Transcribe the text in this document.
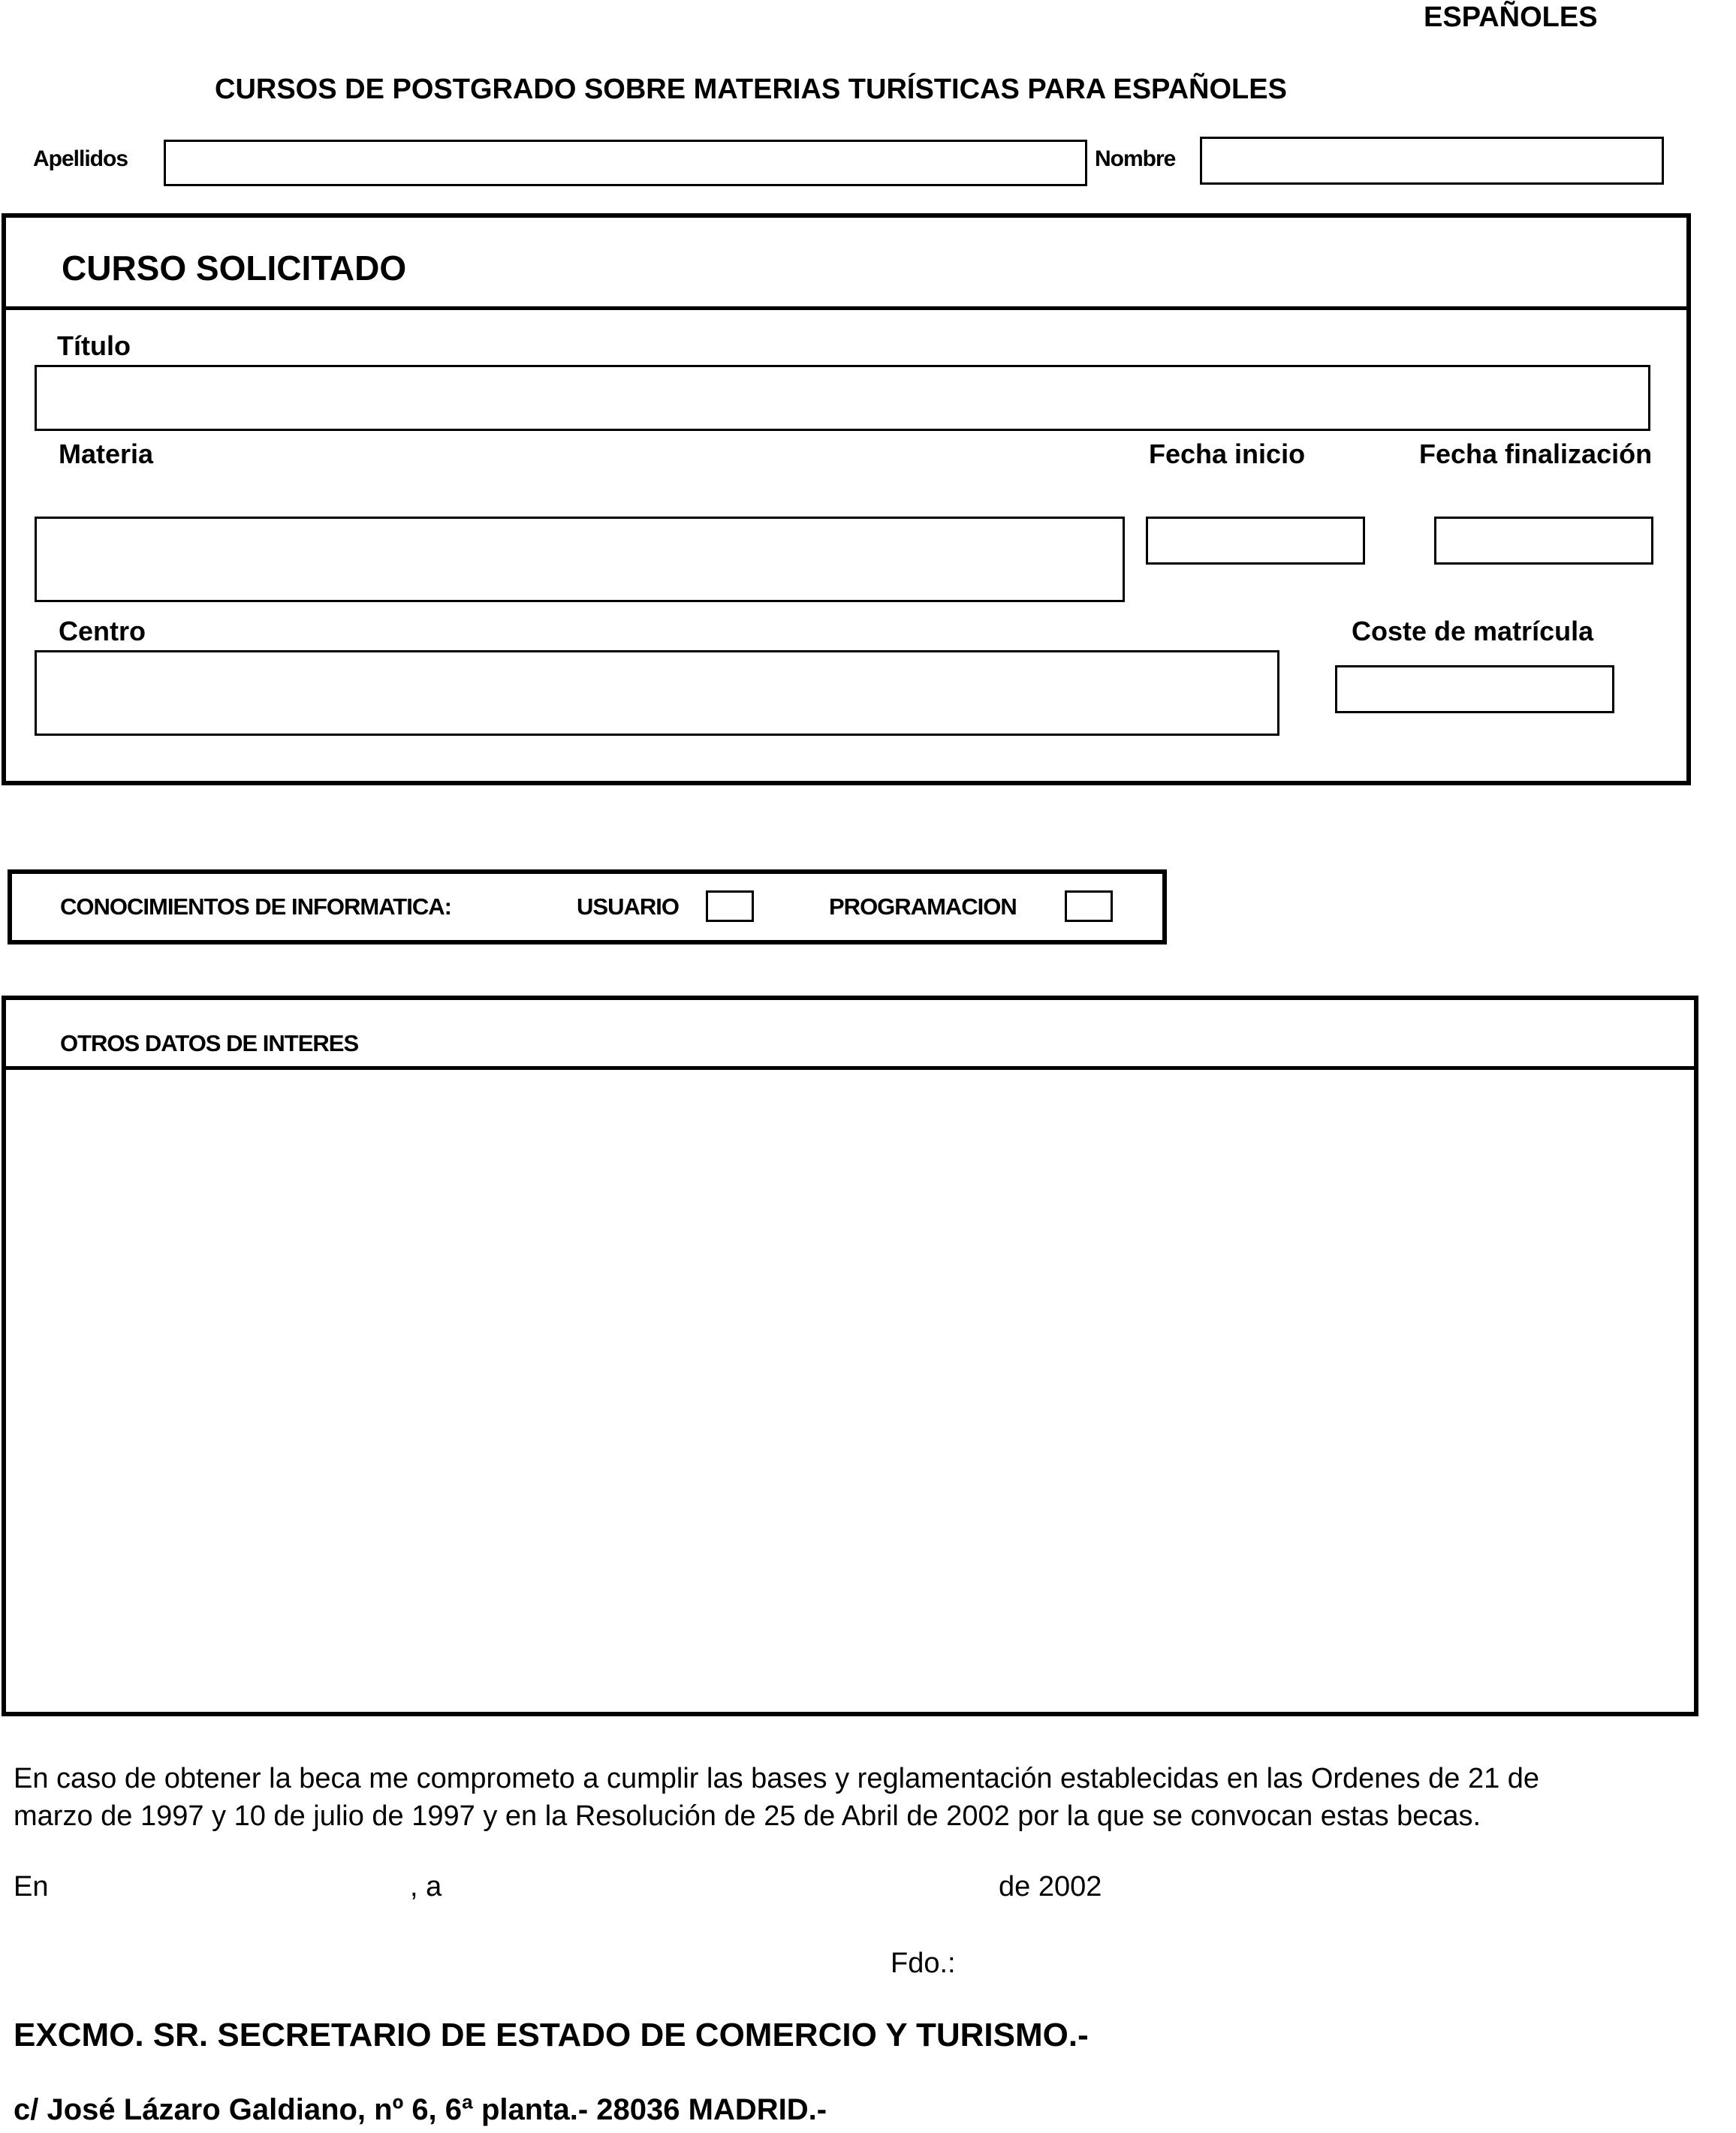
ESPAÑOLES
CURSOS DE POSTGRADO SOBRE MATERIAS TURÍSTICAS PARA ESPAÑOLES
Apellidos	Nombre
CURSO SOLICITADO
Título
Materia	Fecha inicio	Fecha finalización
Centro	Coste de matrícula
CONOCIMIENTOS DE INFORMATICA:	USUARIO	PROGRAMACION
OTROS DATOS DE INTERES
En caso de obtener la beca me comprometo a cumplir las bases y reglamentación establecidas en las Ordenes de 21 de
marzo de 1997 y 10 de julio de 1997 y en la Resolución de 25 de Abril de 2002 por la que se convocan estas becas.
En	, a	de 2002
Fdo.:
EXCMO. SR. SECRETARIO DE ESTADO DE COMERCIO Y TURISMO.-
c/ José Lázaro Galdiano, nº 6, 6ª planta.- 28036 MADRID.-
